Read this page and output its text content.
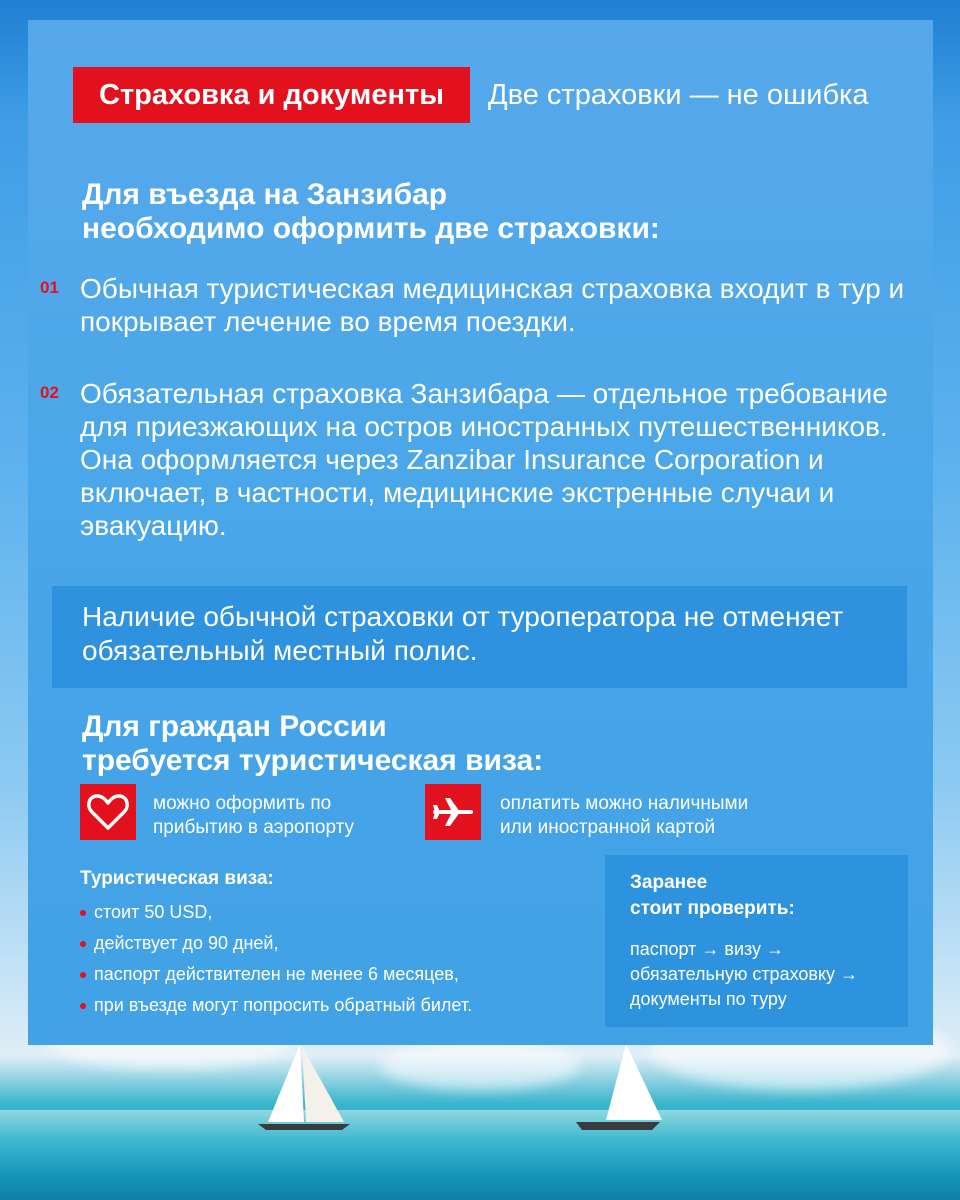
Страховка и документы	Две страховки — не ошибка
Для въезда на Занзибар
необходимо оформить две страховки:
01 Обычная туристическая медицинская страховка входит в тур и покрывает лечение во время поездки.
02 Обязательная страховка Занзибара — отдельное требование для приезжающих на остров иностранных путешественников. Она оформляется через Zanzibar Insurance Corporation и включает, в частности, медицинские экстренные случаи и эвакуацию.
Наличие обычной страховки от туроператора не отменяет обязательный местный полис.
Для граждан России
требуется туристическая виза:
можно оформить по
прибытию в аэропорту
оплатить можно наличными
или иностранной картой
Туристическая виза:
стоит 50 USD,
действует до 90 дней,
паспорт действителен не менее 6 месяцев,
при въезде могут попросить обратный билет.
Заранее
стоит проверить:
паспорт → визу → обязательную страховку → документы по туру
